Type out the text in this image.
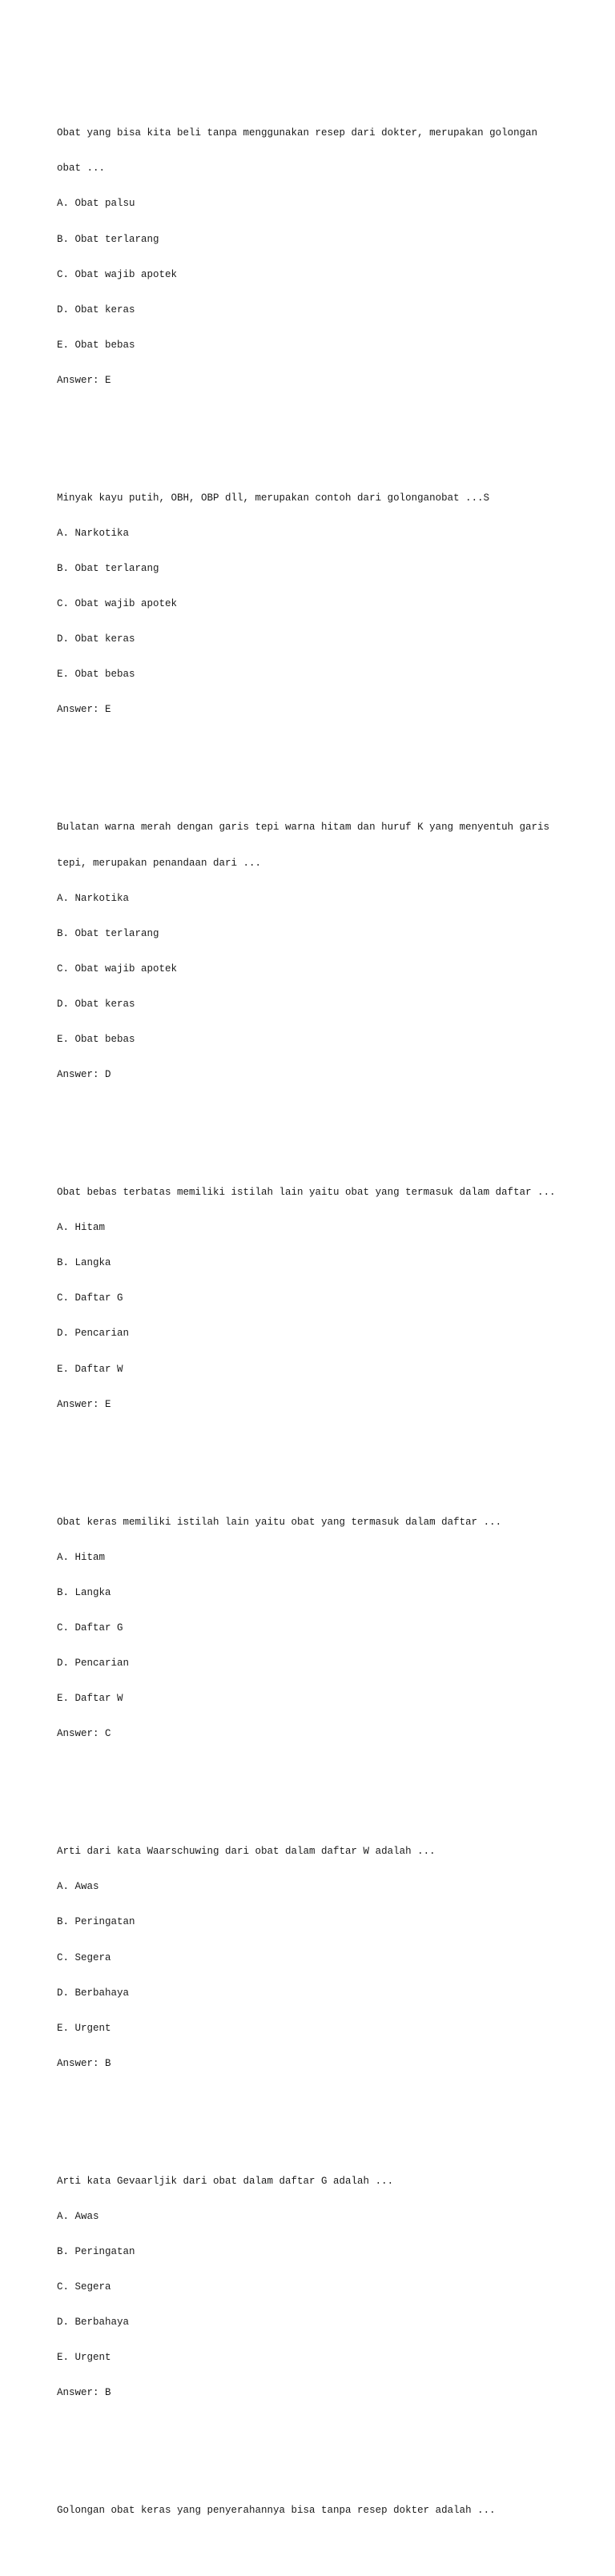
Obat yang bisa kita beli tanpa menggunakan resep dari dokter, merupakan golongan

obat ...

A. Obat palsu

B. Obat terlarang

C. Obat wajib apotek

D. Obat keras

E. Obat bebas

Answer: E

Minyak kayu putih, OBH, OBP dll, merupakan contoh dari golonganobat ...S

A. Narkotika

B. Obat terlarang

C. Obat wajib apotek

D. Obat keras

E. Obat bebas

Answer: E

Bulatan warna merah dengan garis tepi warna hitam dan huruf K yang menyentuh garis

tepi, merupakan penandaan dari ...

A. Narkotika

B. Obat terlarang

C. Obat wajib apotek

D. Obat keras

E. Obat bebas

Answer: D

Obat bebas terbatas memiliki istilah lain yaitu obat yang termasuk dalam daftar ...

A. Hitam

B. Langka

C. Daftar G

D. Pencarian

E. Daftar W

Answer: E

Obat keras memiliki istilah lain yaitu obat yang termasuk dalam daftar ...

A. Hitam

B. Langka

C. Daftar G

D. Pencarian

E. Daftar W

Answer: C

Arti dari kata Waarschuwing dari obat dalam daftar W adalah ...

A. Awas

B. Peringatan

C. Segera

D. Berbahaya

E. Urgent

Answer: B

Arti kata Gevaarljik dari obat dalam daftar G adalah ...

A. Awas

B. Peringatan

C. Segera

D. Berbahaya

E. Urgent

Answer: B

Golongan obat keras yang penyerahannya bisa tanpa resep dokter adalah ...
